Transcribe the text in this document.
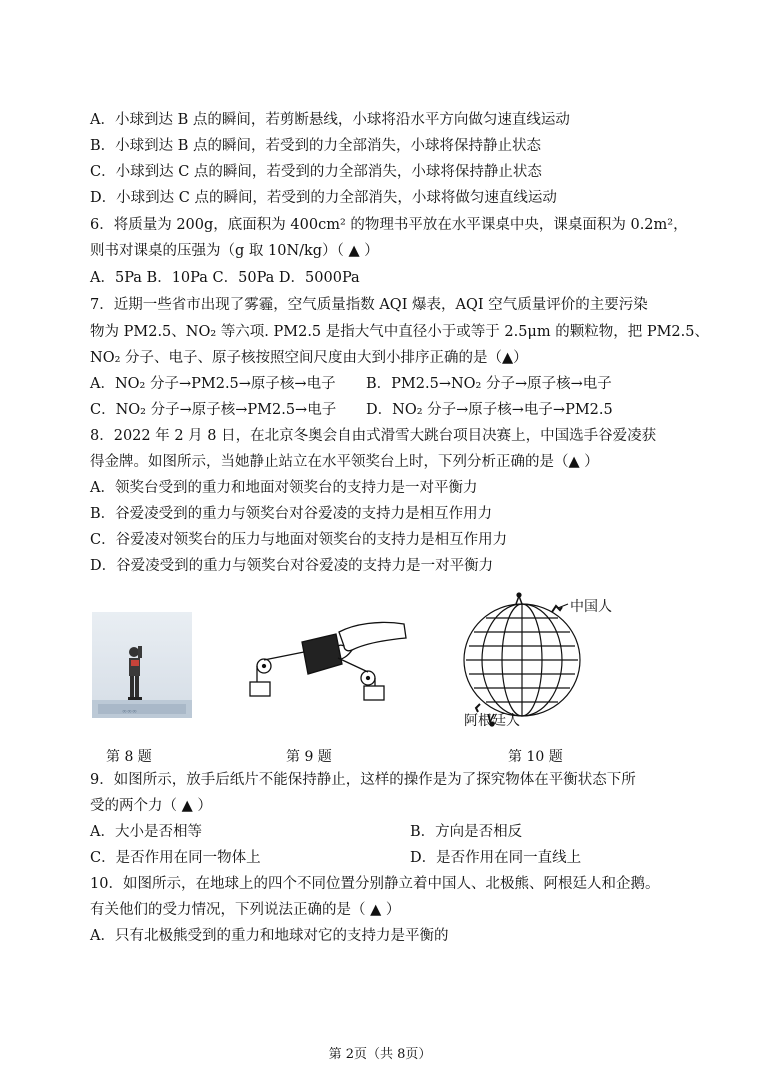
A．小球到达 B 点的瞬间，若剪断悬线，小球将沿水平方向做匀速直线运动
B．小球到达 B 点的瞬间，若受到的力全部消失，小球将保持静止状态
C．小球到达 C 点的瞬间，若受到的力全部消失，小球将保持静止状态
D．小球到达 C 点的瞬间，若受到的力全部消失，小球将做匀速直线运动
6．将质量为 200g，底面积为 400cm² 的物理书平放在水平课桌中央，课桌面积为 0.2m²，
则书对课桌的压强为（g 取 10N/kg）（ ▲ ）
A．5Pa B．10Pa C．50Pa D．5000Pa
7．近期一些省市出现了雾霾，空气质量指数 AQI 爆表，AQI 空气质量评价的主要污染
物为 PM2.5、NO₂ 等六项. PM2.5 是指大气中直径小于或等于 2.5μm 的颗粒物，把 PM2.5、
NO₂ 分子、电子、原子核按照空间尺度由大到小排序正确的是（▲）
A．NO₂ 分子→PM2.5→原子核→电子 B．PM2.5→NO₂ 分子→原子核→电子
C．NO₂ 分子→原子核→PM2.5→电子 D．NO₂ 分子→原子核→电子→PM2.5
8．2022 年 2 月 8 日，在北京冬奥会自由式滑雪大跳台项目决赛上，中国选手谷爱凌获
得金牌。如图所示，当她静止站立在水平领奖台上时，下列分析正确的是（▲ ）
A．领奖台受到的重力和地面对领奖台的支持力是一对平衡力
B．谷爱凌受到的重力与领奖台对谷爱凌的支持力是相互作用力
C．谷爱凌对领奖台的压力与地面对领奖台的支持力是相互作用力
D．谷爱凌受到的重力与领奖台对谷爱凌的支持力是一对平衡力
∞∞∞
中国人
阿根廷人
第 8 题	第 9 题	第 10 题
9．如图所示，放手后纸片不能保持静止，这样的操作是为了探究物体在平衡状态下所
受的两个力（ ▲ ）
A．大小是否相等	B．方向是否相反
C．是否作用在同一物体上	D．是否作用在同一直线上
10．如图所示，在地球上的四个不同位置分别静立着中国人、北极熊、阿根廷人和企鹅。
有关他们的受力情况，下列说法正确的是（ ▲ ）
A．只有北极熊受到的重力和地球对它的支持力是平衡的
第 2页（共 8页）
